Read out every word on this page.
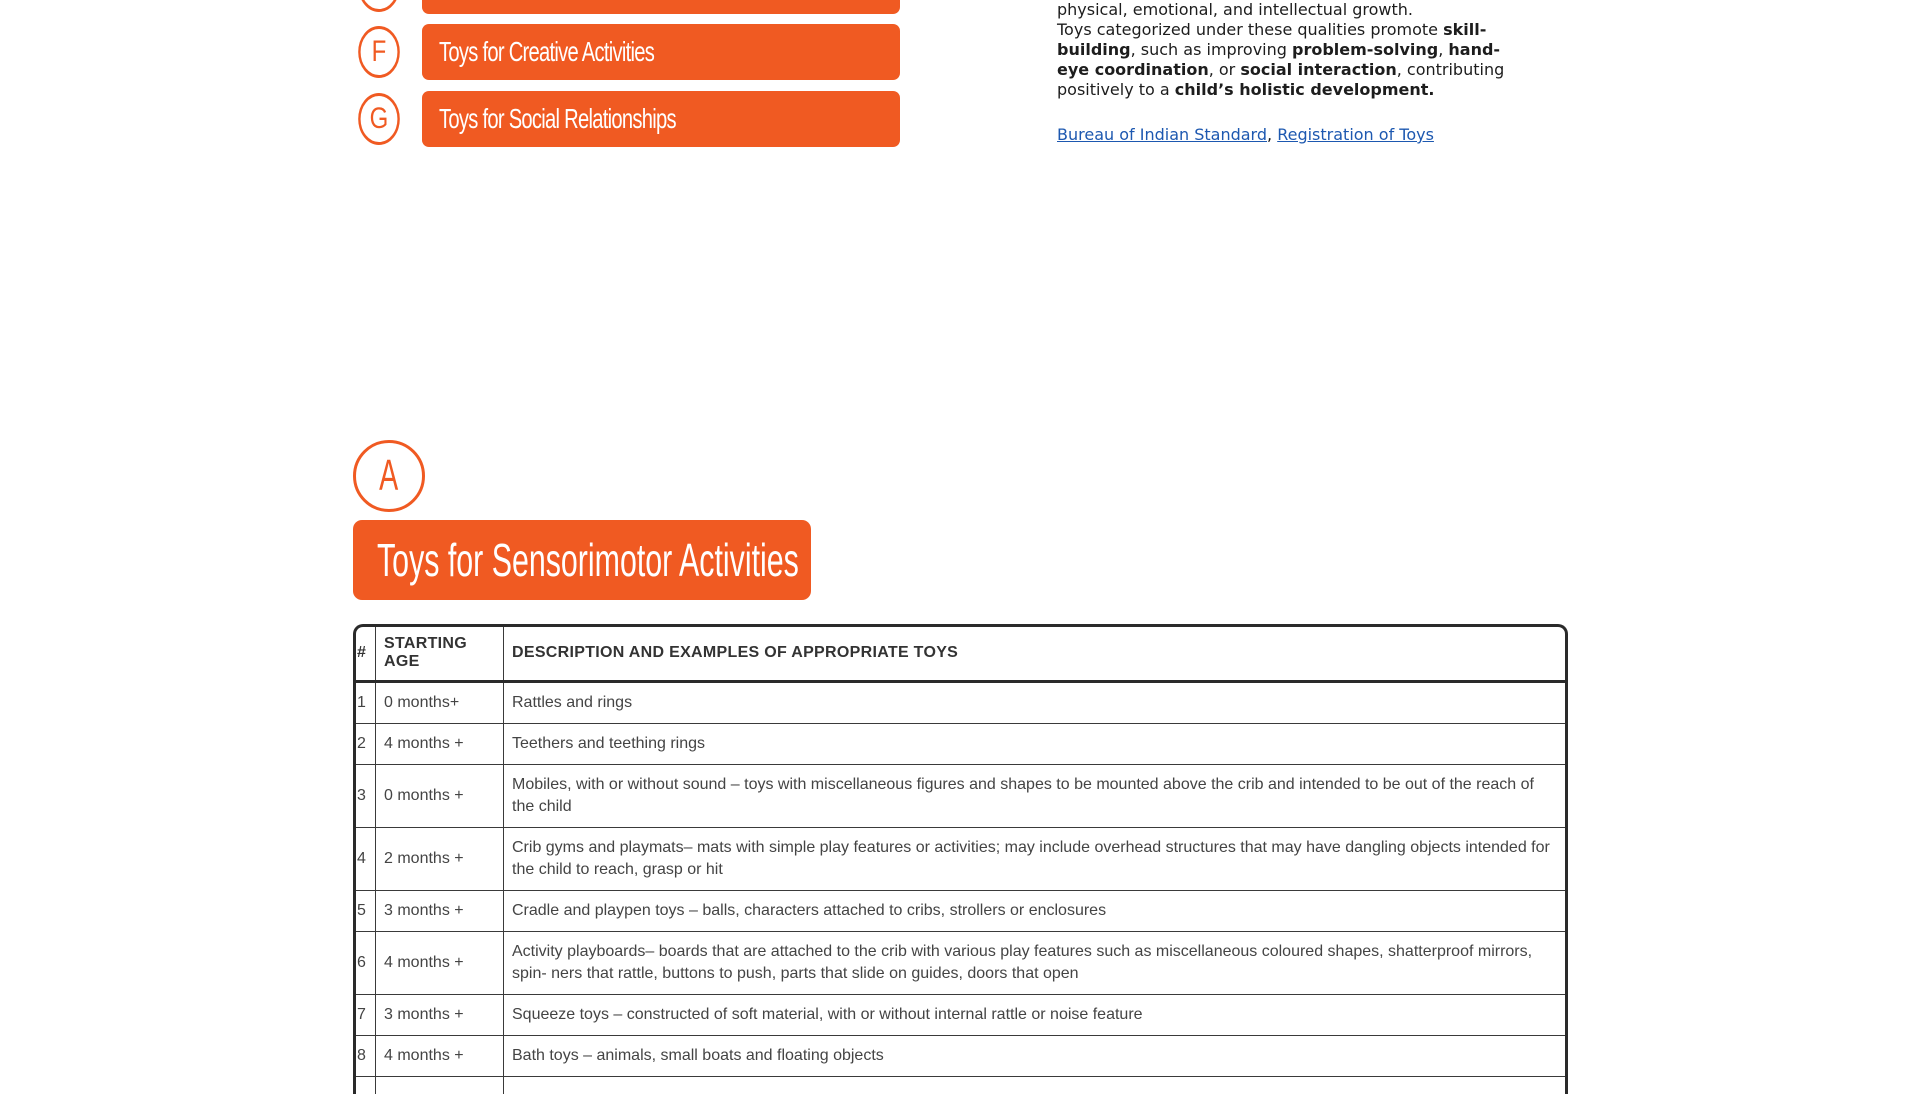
F Toys for Creative Activities
G Toys for Social Relationships
physical, emotional, and intellectual growth.
Toys categorized under these qualities promote skill-building, such as improving problem-solving, hand-eye coordination, or social interaction, contributing positively to a child’s holistic development.
Bureau of Indian Standard, Registration of Toys
A
Toys for Sensorimotor Activities
#	STARTING AGE	DESCRIPTION AND EXAMPLES OF APPROPRIATE TOYS
1	0 months+	Rattles and rings
2	4 months +	Teethers and teething rings
3	0 months +	Mobiles, with or without sound – toys with miscellaneous figures and shapes to be mounted above the crib and intended to be out of the reach of the child
4	2 months +	Crib gyms and playmats– mats with simple play features or activities; may include overhead structures that may have dangling objects intended for the child to reach, grasp or hit
5	3 months +	Cradle and playpen toys – balls, characters attached to cribs, strollers or enclosures
6	4 months +	Activity playboards– boards that are attached to the crib with various play features such as miscellaneous coloured shapes, shatterproof mirrors, spin- ners that rattle, buttons to push, parts that slide on guides, doors that open
7	3 months +	Squeeze toys – constructed of soft material, with or without internal rattle or noise feature
8	4 months +	Bath toys – animals, small boats and floating objects
